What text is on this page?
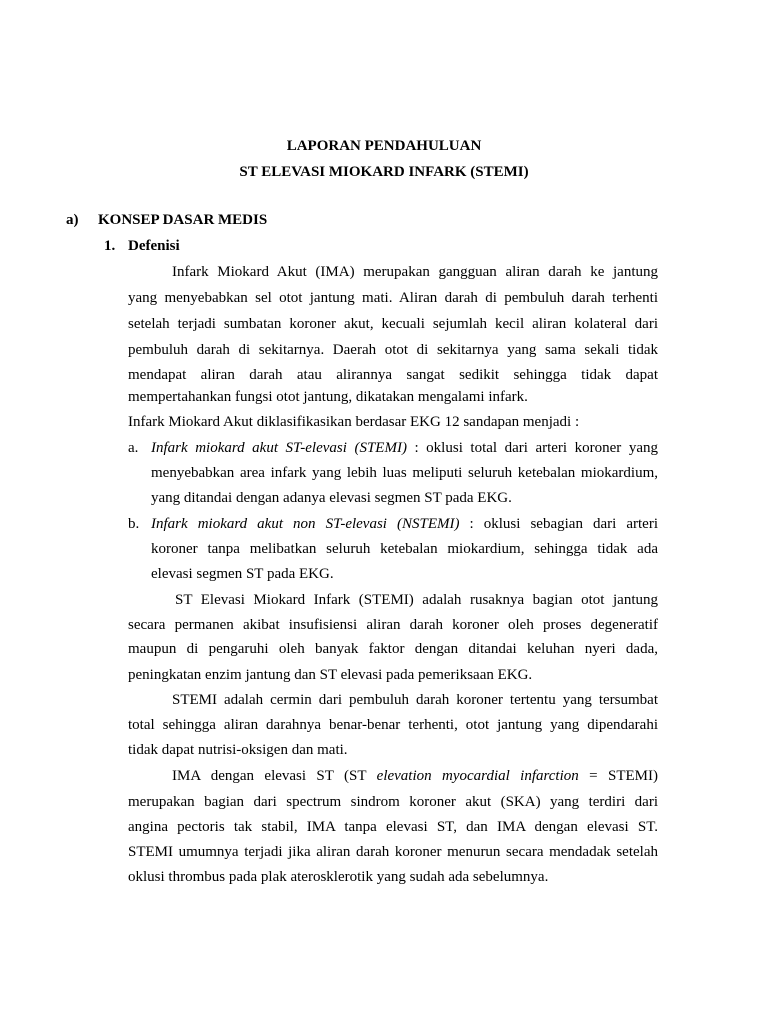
LAPORAN PENDAHULUAN
ST ELEVASI MIOKARD INFARK (STEMI)
a) KONSEP DASAR MEDIS
1. Defenisi
Infark Miokard Akut (IMA) merupakan gangguan aliran darah ke jantung
yang menyebabkan sel otot jantung mati. Aliran darah di pembuluh darah terhenti
setelah terjadi sumbatan koroner akut, kecuali sejumlah kecil aliran kolateral dari
pembuluh darah di sekitarnya. Daerah otot di sekitarnya yang sama sekali tidak
mendapat aliran darah atau alirannya sangat sedikit sehingga tidak dapat
mempertahankan fungsi otot jantung, dikatakan mengalami infark.
Infark Miokard Akut diklasifikasikan berdasar EKG 12 sandapan menjadi :
a. Infark miokard akut ST-elevasi (STEMI) : oklusi total dari arteri koroner yang
menyebabkan area infark yang lebih luas meliputi seluruh ketebalan miokardium,
yang ditandai dengan adanya elevasi segmen ST pada EKG.
b. Infark miokard akut non ST-elevasi (NSTEMI) : oklusi sebagian dari arteri
koroner tanpa melibatkan seluruh ketebalan miokardium, sehingga tidak ada
elevasi segmen ST pada EKG.
ST Elevasi Miokard Infark (STEMI) adalah rusaknya bagian otot jantung
secara permanen akibat insufisiensi aliran darah koroner oleh proses degeneratif
maupun di pengaruhi oleh banyak faktor dengan ditandai keluhan nyeri dada,
peningkatan enzim jantung dan ST elevasi pada pemeriksaan EKG.
STEMI adalah cermin dari pembuluh darah koroner tertentu yang tersumbat
total sehingga aliran darahnya benar-benar terhenti, otot jantung yang dipendarahi
tidak dapat nutrisi-oksigen dan mati.
IMA dengan elevasi ST (ST elevation myocardial infarction = STEMI)
merupakan bagian dari spectrum sindrom koroner akut (SKA) yang terdiri dari
angina pectoris tak stabil, IMA tanpa elevasi ST, dan IMA dengan elevasi ST.
STEMI umumnya terjadi jika aliran darah koroner menurun secara mendadak setelah
oklusi thrombus pada plak aterosklerotik yang sudah ada sebelumnya.
